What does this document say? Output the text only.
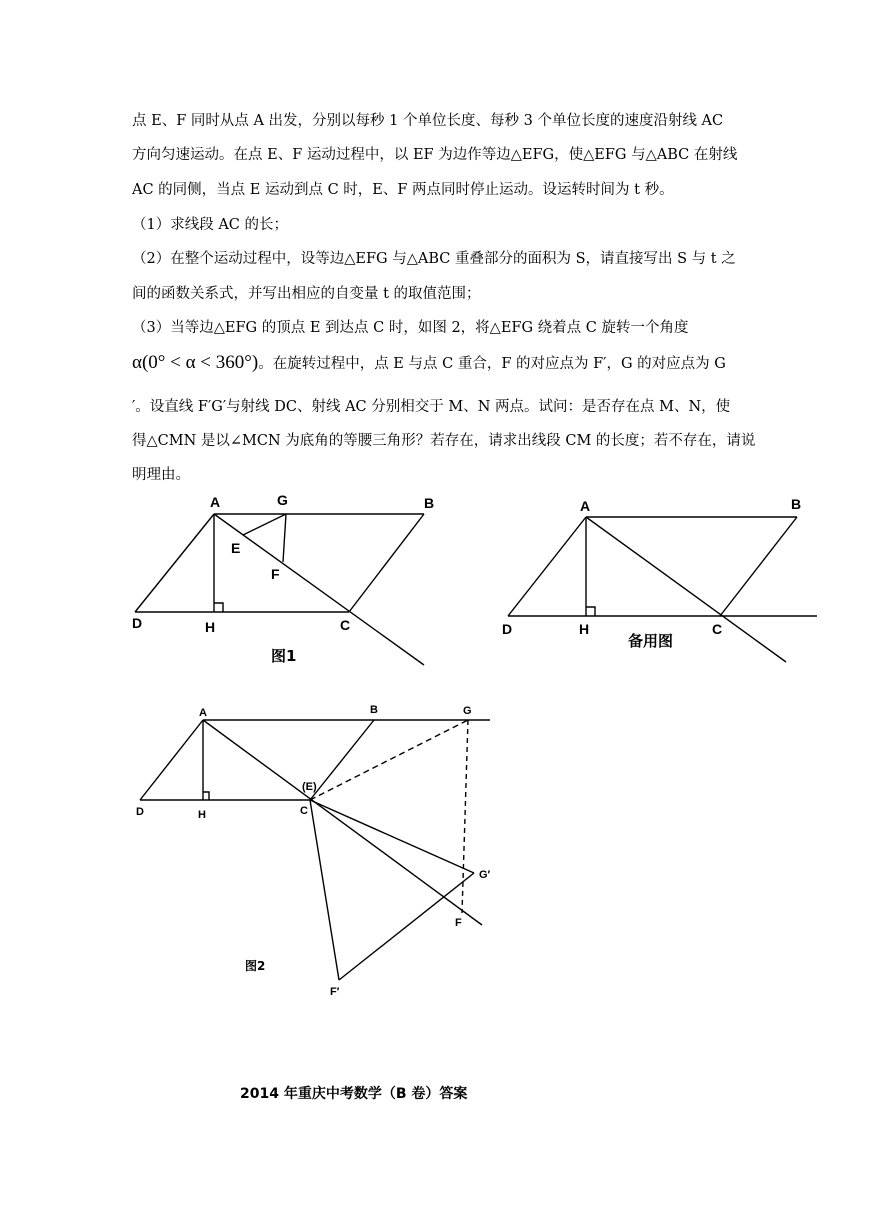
点 E、F 同时从点 A 出发，分别以每秒 1 个单位长度、每秒 3 个单位长度的速度沿射线 AC
方向匀速运动。在点 E、F 运动过程中，以 EF 为边作等边△EFG，使△EFG 与△ABC 在射线
AC 的同侧，当点 E 运动到点 C 时，E、F 两点同时停止运动。设运转时间为 t 秒。
（1）求线段 AC 的长；
（2）在整个运动过程中，设等边△EFG 与△ABC 重叠部分的面积为 S，请直接写出 S 与 t 之
间的函数关系式，并写出相应的自变量 t 的取值范围；
（3）当等边△EFG 的顶点 E 到达点 C 时，如图 2，将△EFG 绕着点 C 旋转一个角度
α(0° < α < 360°)。在旋转过程中，点 E 与点 C 重合，F 的对应点为 F′，G 的对应点为 G
′。设直线 F′G′与射线 DC、射线 AC 分别相交于 M、N 两点。试问：是否存在点 M、N，使
得△CMN 是以∠MCN 为底角的等腰三角形？若存在，请求出线段 CM 的长度；若不存在，请说
明理由。
A	G	B
E
F
D	H	C
图1
A	B
D	H	C
备用图
A	B	G
(E)
D	H	C
G′
F
F′
图2
2014 年重庆中考数学（B 卷）答案
